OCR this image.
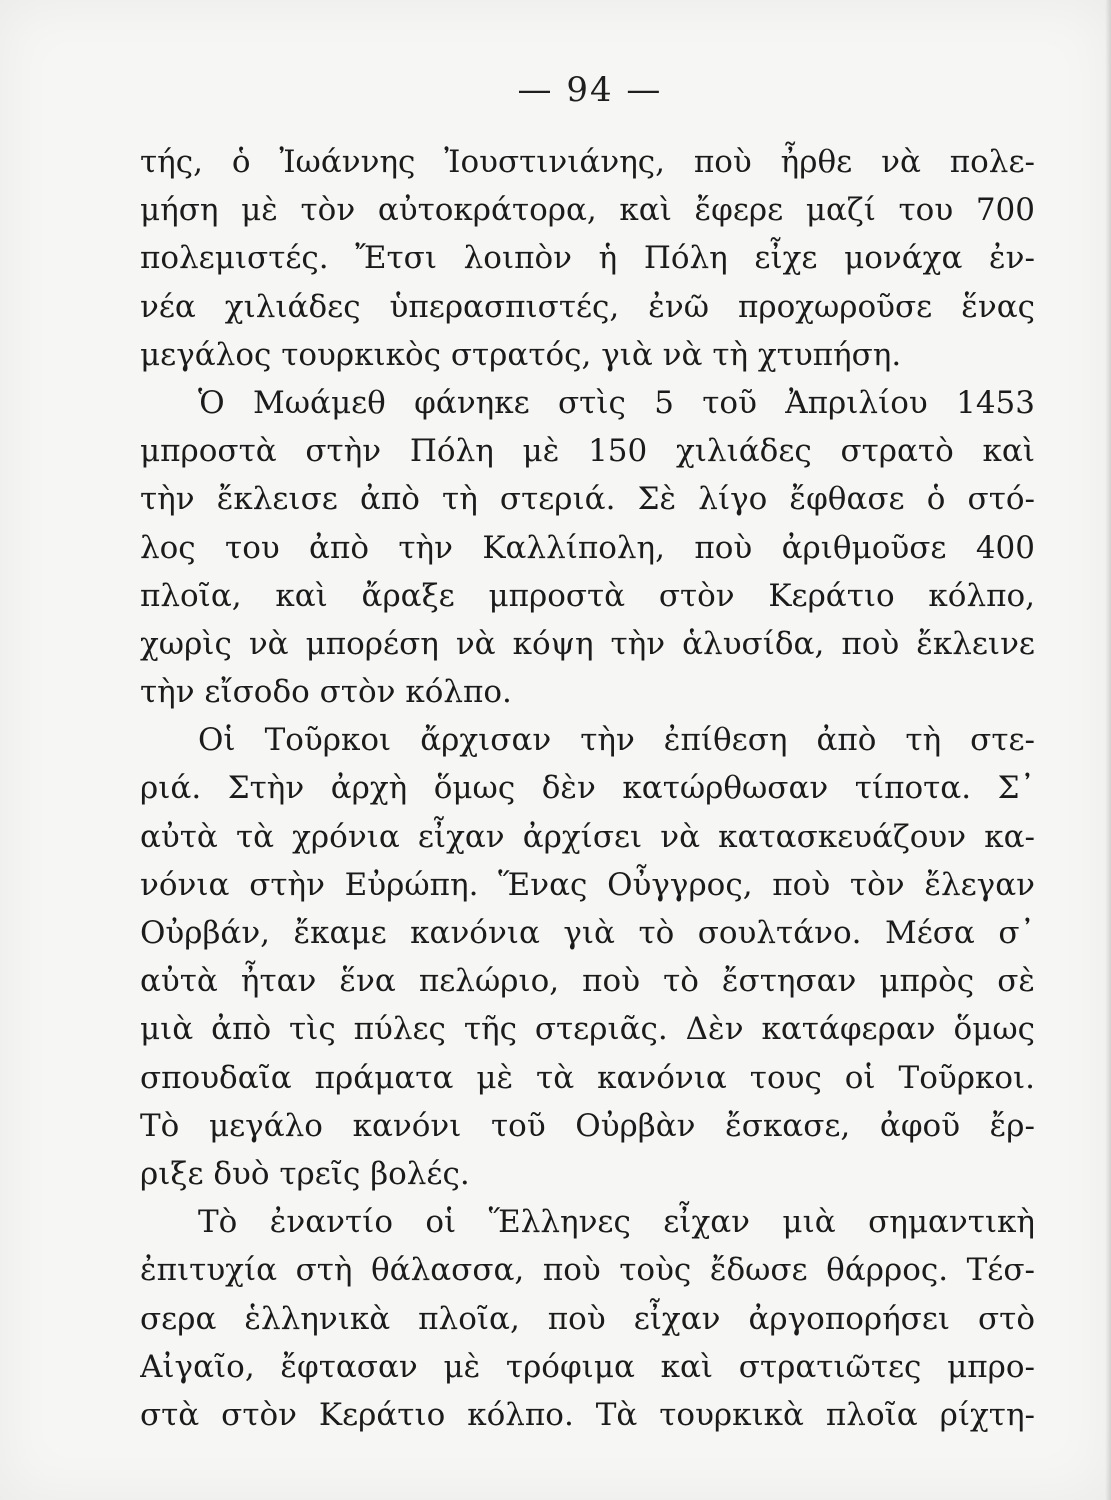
— 94 —
τής, ὁ Ἰωάννης Ἰουστινιάνης, ποὺ ἦρθε νὰ πολε-
μήση μὲ τὸν αὐτοκράτορα, καὶ ἔφερε μαζί του 700
πολεμιστές. Ἔτσι λοιπὸν ἡ Πόλη εἶχε μονάχα ἐν-
νέα χιλιάδες ὑπερασπιστές, ἐνῶ προχωροῦσε ἕνας
μεγάλος τουρκικὸς στρατός, γιὰ νὰ τὴ χτυπήση.
Ὁ Μωάμεθ φάνηκε στὶς 5 τοῦ Ἀπριλίου 1453
μπροστὰ στὴν Πόλη μὲ 150 χιλιάδες στρατὸ καὶ
τὴν ἔκλεισε ἀπὸ τὴ στεριά. Σὲ λίγο ἔφθασε ὁ στό-
λος του ἀπὸ τὴν Καλλίπολη, ποὺ ἀριθμοῦσε 400
πλοῖα, καὶ ἄραξε μπροστὰ στὸν Κεράτιο κόλπο,
χωρὶς νὰ μπορέση νὰ κόψη τὴν ἁλυσίδα, ποὺ ἔκλεινε
τὴν εἴσοδο στὸν κόλπο.
Οἱ Τοῦρκοι ἄρχισαν τὴν ἐπίθεση ἀπὸ τὴ στε-
ριά. Στὴν ἀρχὴ ὅμως δὲν κατώρθωσαν τίποτα. Σ᾽
αὐτὰ τὰ χρόνια εἶχαν ἀρχίσει νὰ κατασκευάζουν κα-
νόνια στὴν Εὐρώπη. Ἕνας Οὖγγρος, ποὺ τὸν ἔλεγαν
Οὐρβάν, ἔκαμε κανόνια γιὰ τὸ σουλτάνο. Μέσα σ᾽
αὐτὰ ἦταν ἕνα πελώριο, ποὺ τὸ ἔστησαν μπρὸς σὲ
μιὰ ἀπὸ τὶς πύλες τῆς στεριᾶς. Δὲν κατάφεραν ὅμως
σπουδαῖα πράματα μὲ τὰ κανόνια τους οἱ Τοῦρκοι.
Τὸ μεγάλο κανόνι τοῦ Οὐρβὰν ἔσκασε, ἀφοῦ ἔρ-
ριξε δυὸ τρεῖς βολές.
Τὸ ἐναντίο οἱ Ἕλληνες εἶχαν μιὰ σημαντικὴ
ἐπιτυχία στὴ θάλασσα, ποὺ τοὺς ἔδωσε θάρρος. Τέσ-
σερα ἑλληνικὰ πλοῖα, ποὺ εἶχαν ἀργοπορήσει στὸ
Αἰγαῖο, ἔφτασαν μὲ τρόφιμα καὶ στρατιῶτες μπρο-
στὰ στὸν Κεράτιο κόλπο. Τὰ τουρκικὰ πλοῖα ρίχτη-
